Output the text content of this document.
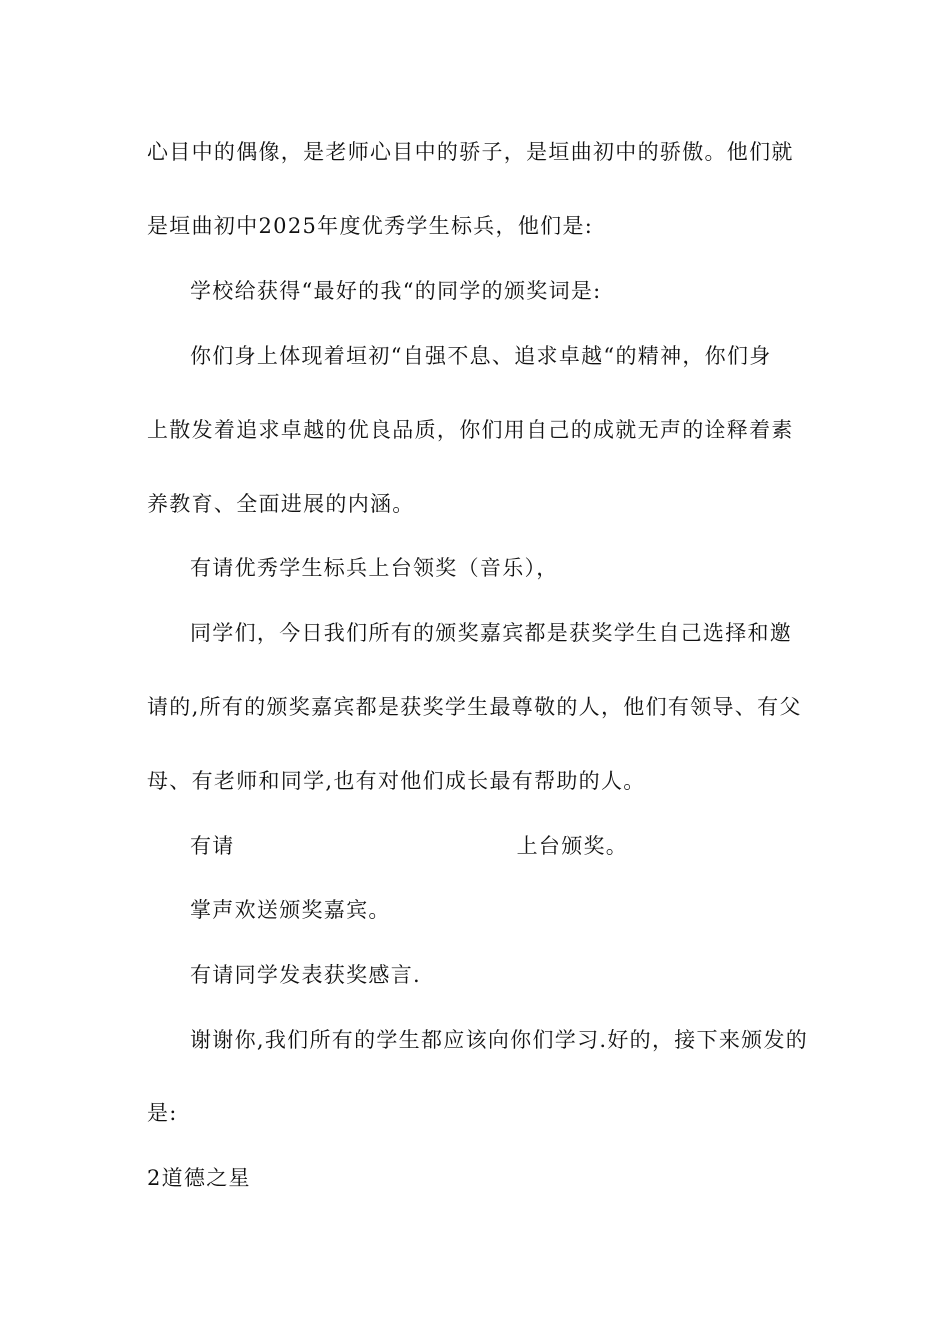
心目中的偶像，是老师心目中的骄子，是垣曲初中的骄傲。他们就
是垣曲初中2025年度优秀学生标兵，他们是:
学校给获得“最好的我“的同学的颁奖词是:
你们身上体现着垣初“自强不息、追求卓越“的精神，你们身
上散发着追求卓越的优良品质，你们用自己的成就无声的诠释着素
养教育、全面进展的内涵。
有请优秀学生标兵上台领奖（音乐），
同学们，今日我们所有的颁奖嘉宾都是获奖学生自己选择和邀
请的,所有的颁奖嘉宾都是获奖学生最尊敬的人，他们有领导、有父
母、有老师和同学,也有对他们成长最有帮助的人。
有请	上台颁奖。
掌声欢送颁奖嘉宾。
有请同学发表获奖感言.
谢谢你,我们所有的学生都应该向你们学习.好的，接下来颁发的
是:
2道德之星
